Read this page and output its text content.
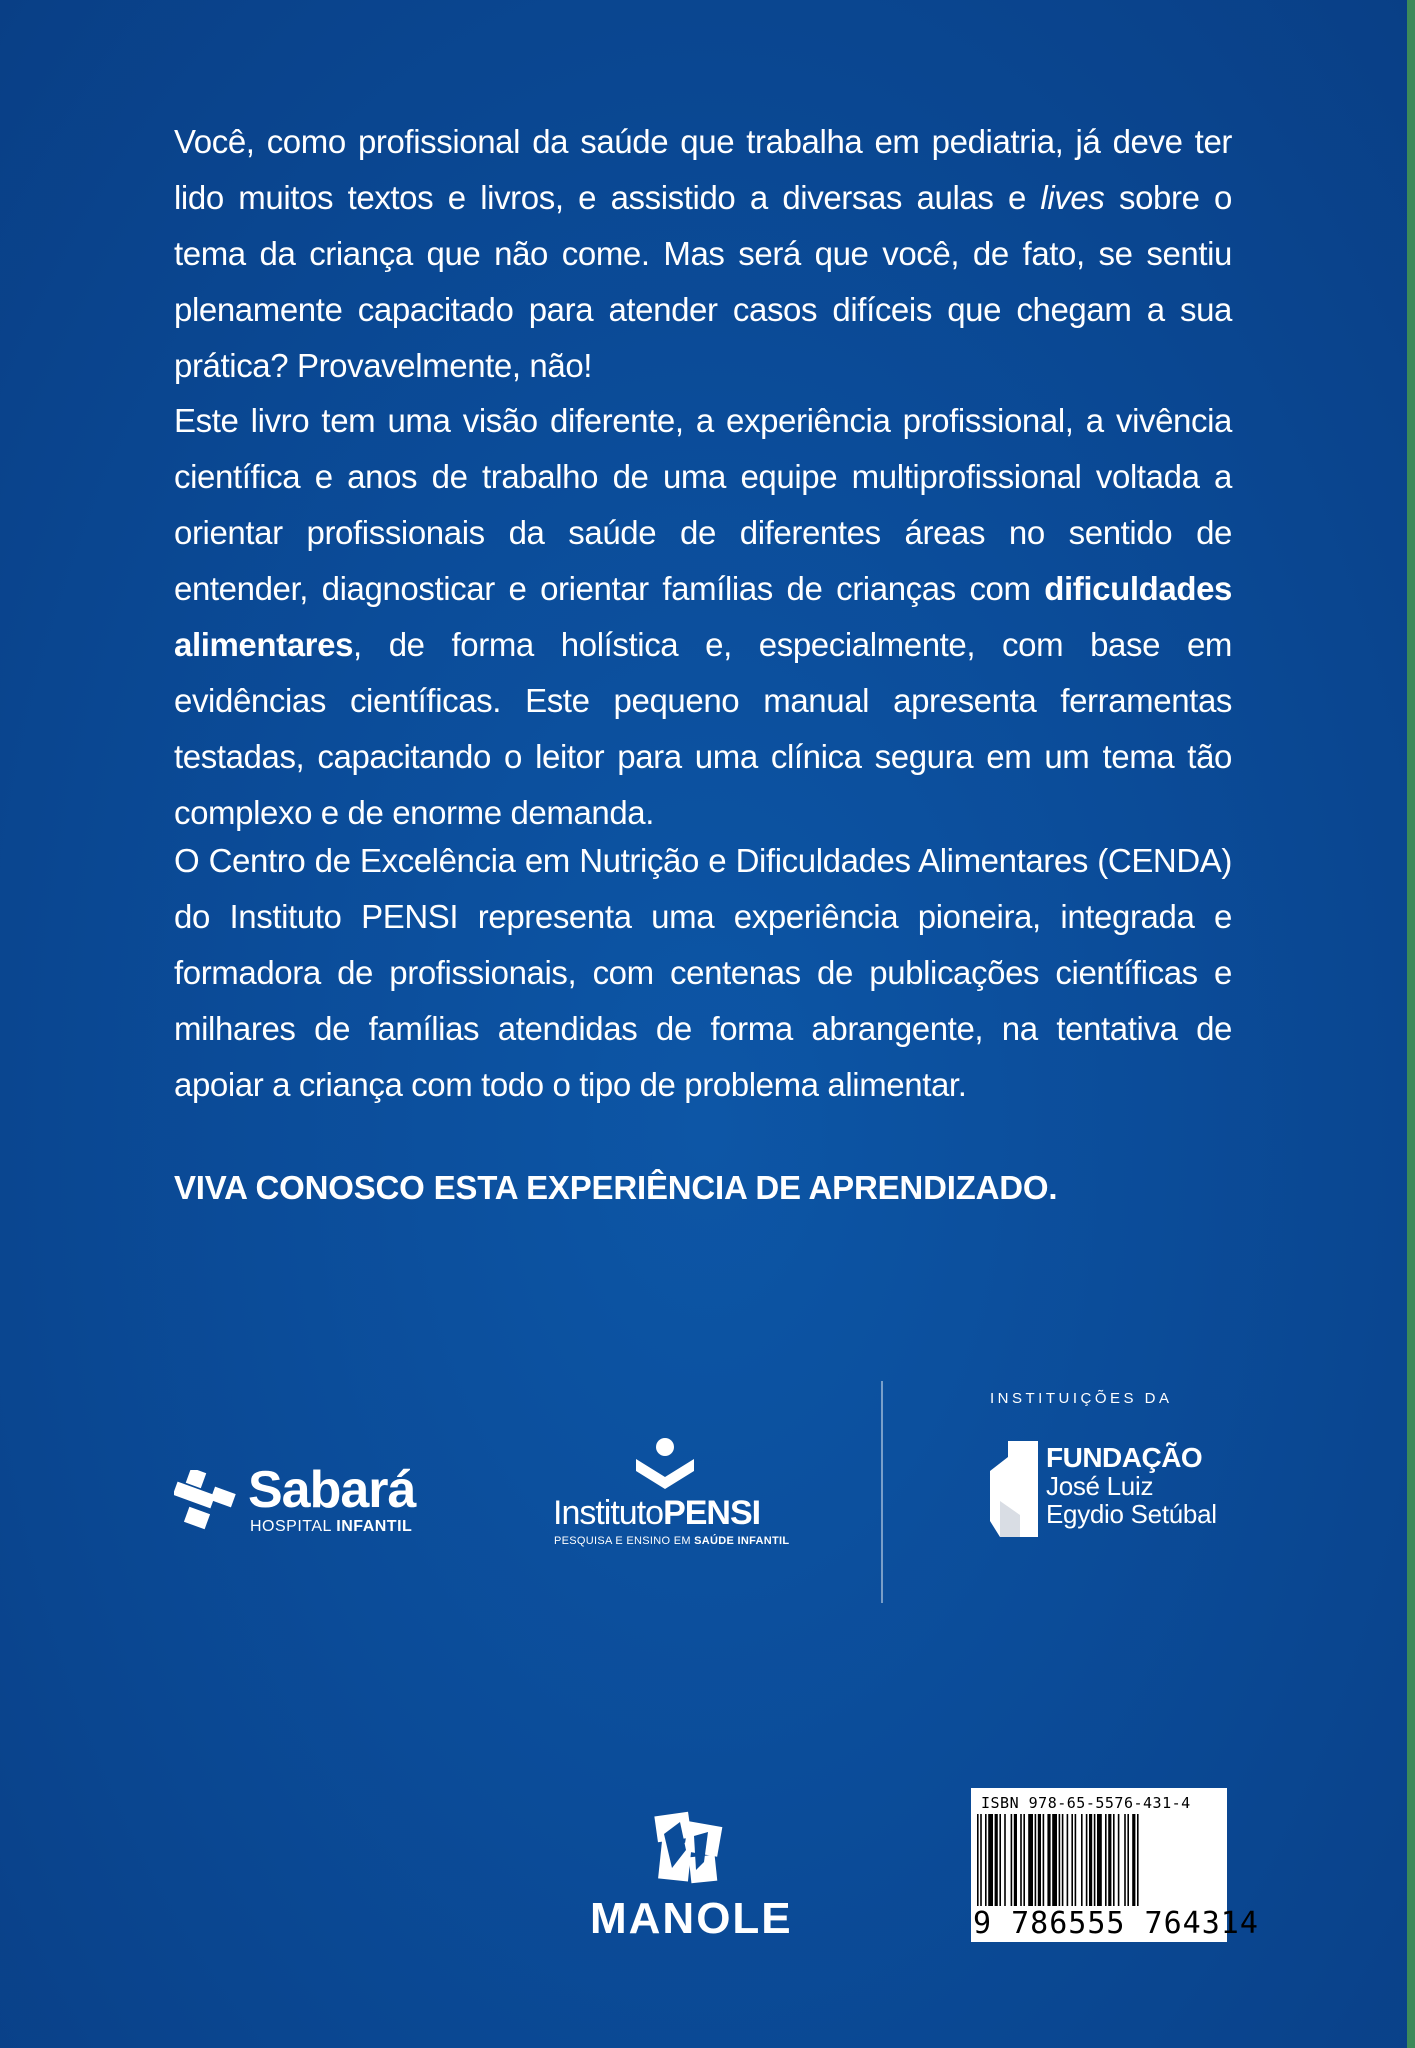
Você, como profissional da saúde que trabalha em pediatria, já deve ter lido muitos textos e livros, e assistido a diversas aulas e lives sobre o tema da criança que não come. Mas será que você, de fato, se sentiu plenamente capacitado para atender casos difíceis que chegam a sua prática? Provavelmente, não!

Este livro tem uma visão diferente, a experiência profissional, a vivência científica e anos de trabalho de uma equipe multiprofissional voltada a orientar profissionais da saúde de diferentes áreas no sentido de entender, diagnosticar e orientar famílias de crianças com dificuldades alimentares, de forma holística e, especialmente, com base em evidências científicas. Este pequeno manual apresenta ferramentas testadas, capacitando o leitor para uma clínica segura em um tema tão complexo e de enorme demanda.

O Centro de Excelência em Nutrição e Dificuldades Alimentares (CENDA) do Instituto PENSI representa uma experiência pioneira, integrada e formadora de profissionais, com centenas de publicações científicas e milhares de famílias atendidas de forma abrangente, na tentativa de apoiar a criança com todo o tipo de problema alimentar.

VIVA CONOSCO ESTA EXPERIÊNCIA DE APRENDIZADO.

Sabará
HOSPITAL INFANTIL	InstitutoPENSI
PESQUISA E ENSINO EM SAÚDE INFANTIL
INSTITUIÇÕES DA
FUNDAÇÃO
José Luiz
Egydio Setúbal
MANOLE
ISBN 978-65-5576-431-4
9 786555 764314
